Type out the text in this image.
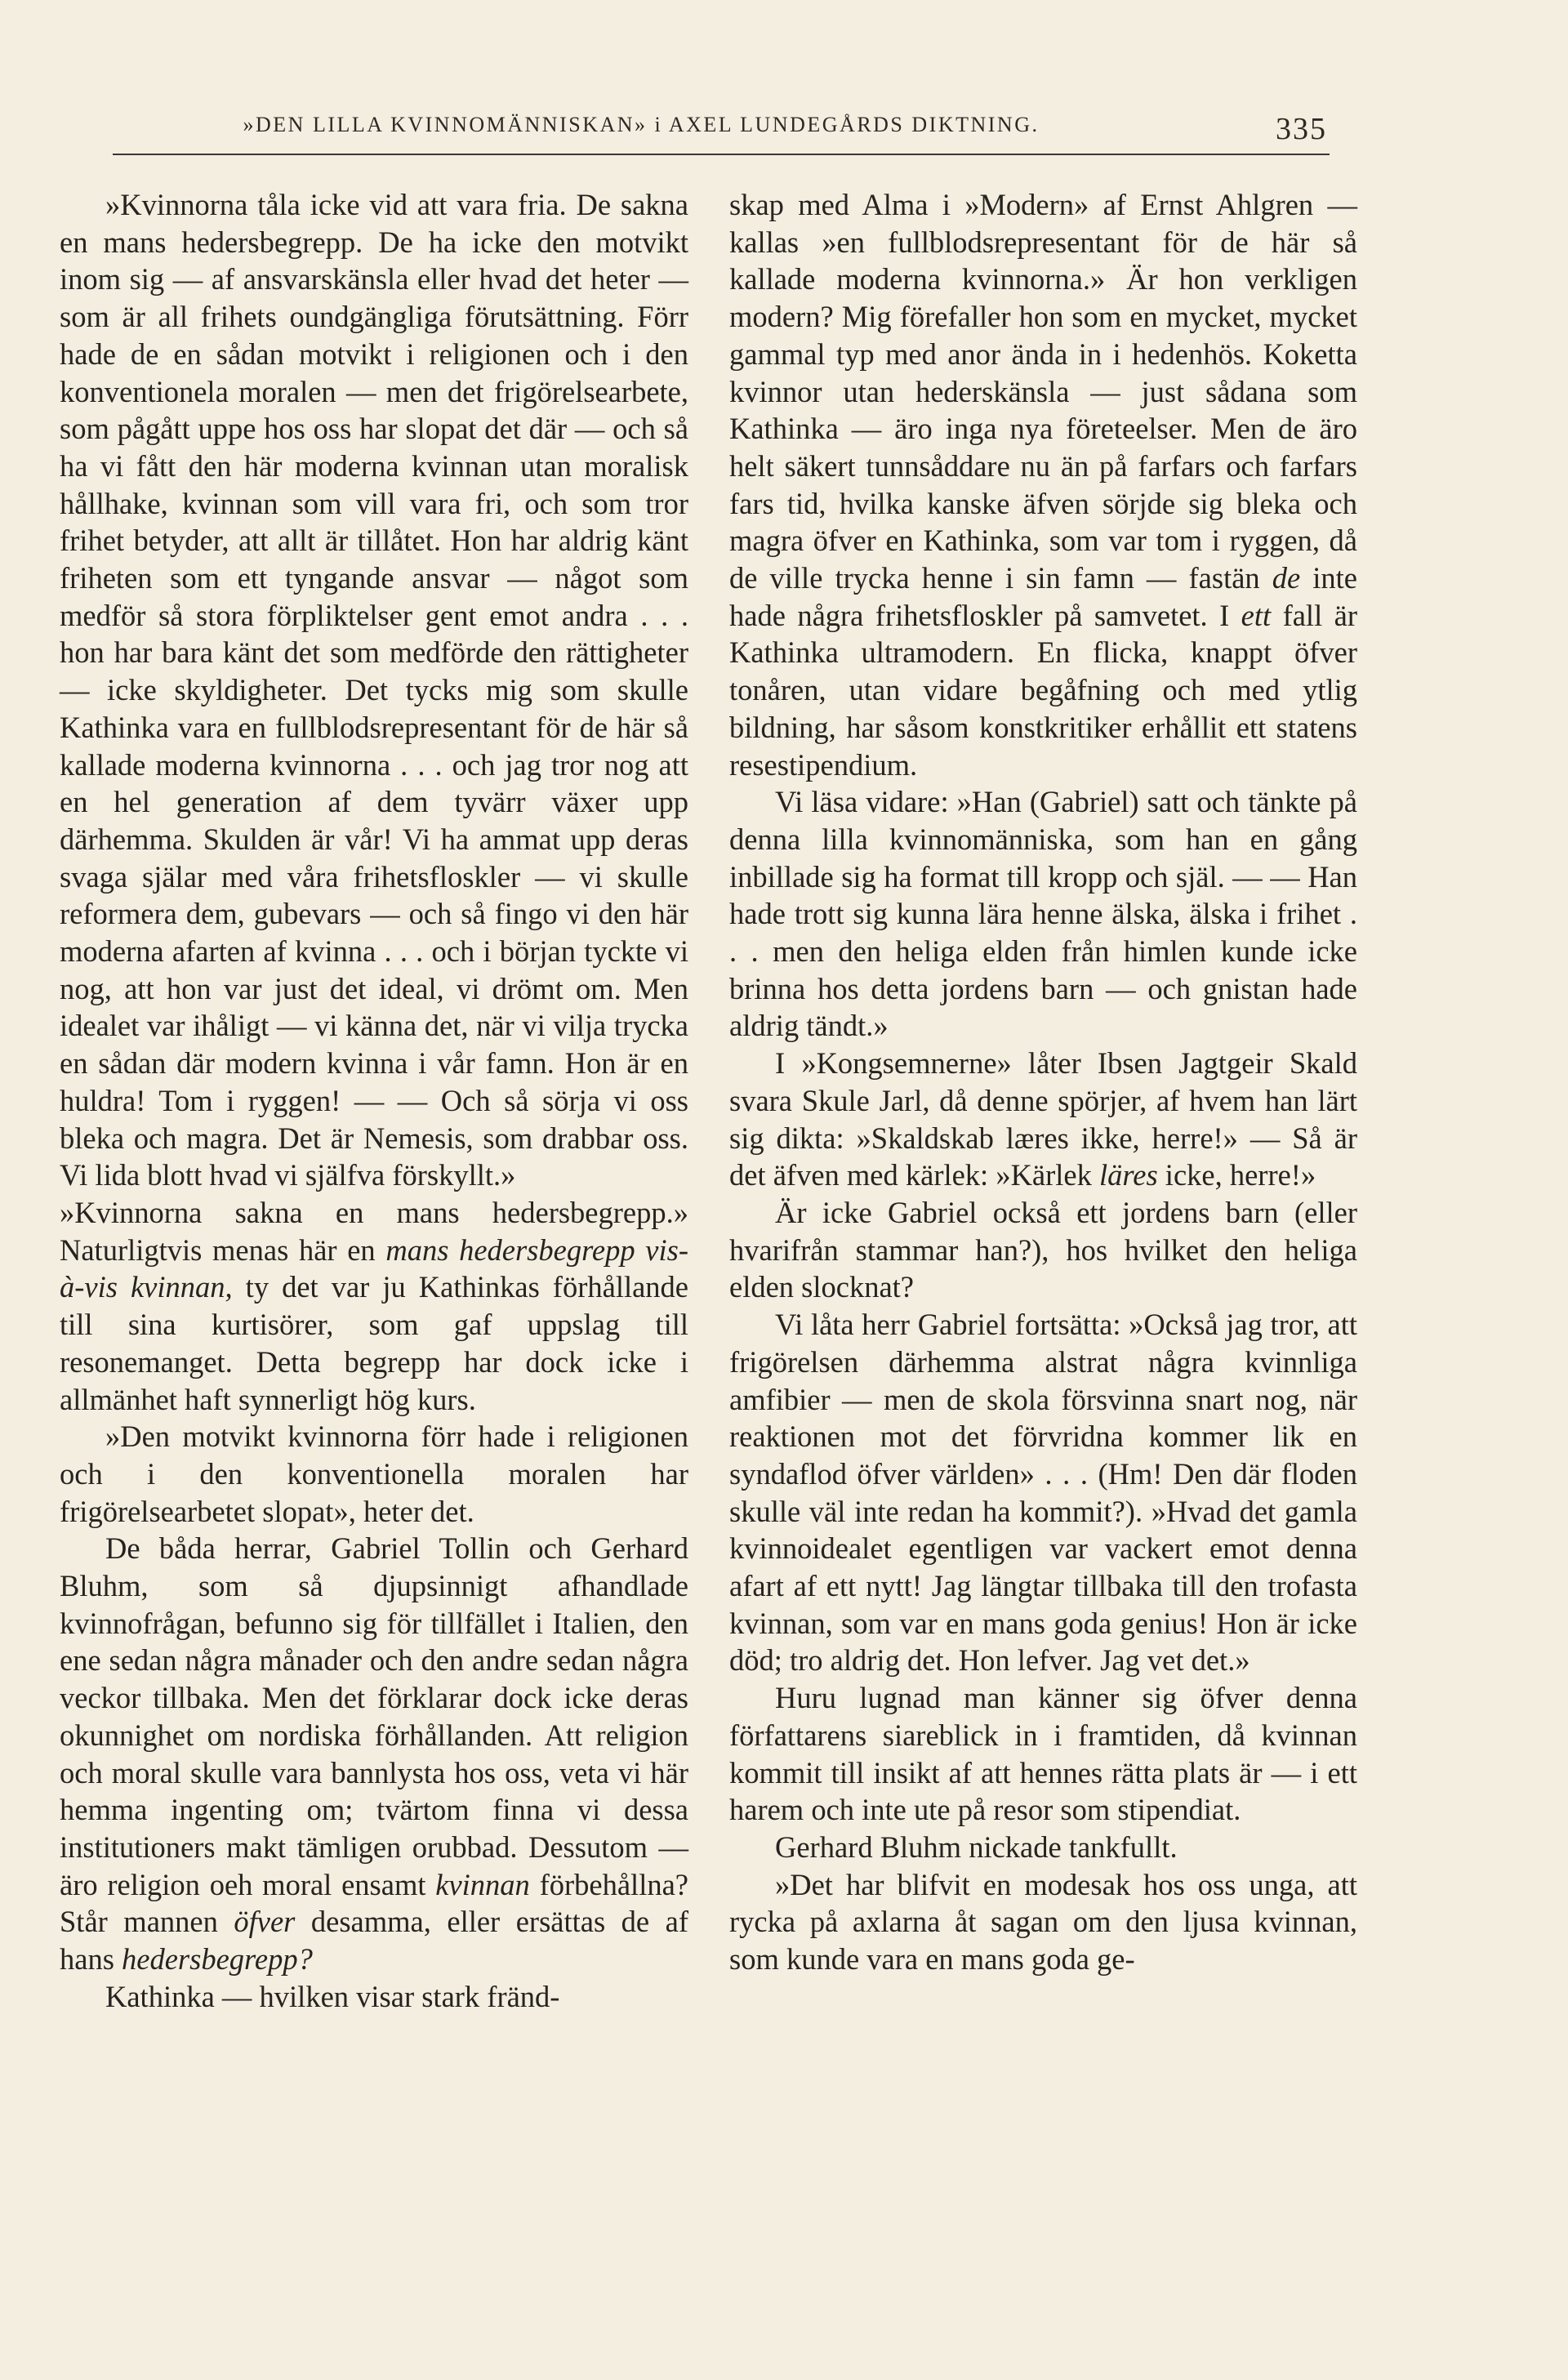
»DEN LILLA KVINNOMÄNNISKAN» i AXEL LUNDEGÅRDS DIKTNING.	335

»Kvinnorna tåla icke vid att vara fria. De sakna en mans hedersbegrepp. De ha icke den motvikt inom sig — af ansvarskänsla eller hvad det heter — som är all frihets oundgängliga förutsättning. Förr hade de en sådan motvikt i religionen och i den konventionela moralen — men det frigörelsearbete, som pågått uppe hos oss har slopat det där — och så ha vi fått den här moderna kvinnan utan moralisk hållhake, kvinnan som vill vara fri, och som tror frihet betyder, att allt är tillåtet. Hon har aldrig känt friheten som ett tyngande ansvar — något som medför så stora förpliktelser gent emot andra . . . hon har bara känt det som medförde den rättigheter — icke skyldigheter. Det tycks mig som skulle Kathinka vara en fullblodsrepresentant för de här så kallade moderna kvinnorna . . . och jag tror nog att en hel generation af dem tyvärr växer upp därhemma. Skulden är vår! Vi ha ammat upp deras svaga själar med våra frihetsfloskler — vi skulle reformera dem, gubevars — och så fingo vi den här moderna afarten af kvinna . . . och i början tyckte vi nog, att hon var just det ideal, vi drömt om. Men idealet var ihåligt — vi känna det, när vi vilja trycka en sådan där modern kvinna i vår famn. Hon är en huldra! Tom i ryggen! — — Och så sörja vi oss bleka och magra. Det är Nemesis, som drabbar oss. Vi lida blott hvad vi själfva förskyllt.»

»Kvinnorna sakna en mans hedersbegrepp.» Naturligtvis menas här en mans hedersbegrepp vis-à-vis kvinnan, ty det var ju Kathinkas förhållande till sina kurtisörer, som gaf uppslag till resonemanget. Detta begrepp har dock icke i allmänhet haft synnerligt hög kurs.

»Den motvikt kvinnorna förr hade i religionen och i den konventionella moralen har frigörelsearbetet slopat», heter det.

De båda herrar, Gabriel Tollin och Gerhard Bluhm, som så djupsinnigt afhandlade kvinnofrågan, befunno sig för tillfället i Italien, den ene sedan några månader och den andre sedan några veckor tillbaka. Men det förklarar dock icke deras okunnighet om nordiska förhållanden. Att religion och moral skulle vara bannlysta hos oss, veta vi här hemma ingenting om; tvärtom finna vi dessa institutioners makt tämligen orubbad. Dessutom — äro religion oeh moral ensamt kvinnan förbehållna? Står mannen öfver desamma, eller ersättas de af hans hedersbegrepp?

Kathinka — hvilken visar stark fränd-

skap med Alma i »Modern» af Ernst Ahlgren — kallas »en fullblodsrepresentant för de här så kallade moderna kvinnorna.» Är hon verkligen modern? Mig förefaller hon som en mycket, mycket gammal typ med anor ända in i hedenhös. Koketta kvinnor utan hederskänsla — just sådana som Kathinka — äro inga nya företeelser. Men de äro helt säkert tunnsåddare nu än på farfars och farfars fars tid, hvilka kanske äfven sörjde sig bleka och magra öfver en Kathinka, som var tom i ryggen, då de ville trycka henne i sin famn — fastän de inte hade några frihetsfloskler på samvetet. I ett fall är Kathinka ultramodern. En flicka, knappt öfver tonåren, utan vidare begåfning och med ytlig bildning, har såsom konstkritiker erhållit ett statens resestipendium.

Vi läsa vidare: »Han (Gabriel) satt och tänkte på denna lilla kvinnomänniska, som han en gång inbillade sig ha format till kropp och själ. — — Han hade trott sig kunna lära henne älska, älska i frihet . . . men den heliga elden från himlen kunde icke brinna hos detta jordens barn — och gnistan hade aldrig tändt.»

I »Kongsemnerne» låter Ibsen Jagtgeir Skald svara Skule Jarl, då denne spörjer, af hvem han lärt sig dikta: »Skaldskab læres ikke, herre!» — Så är det äfven med kärlek: »Kärlek läres icke, herre!»

Är icke Gabriel också ett jordens barn (eller hvarifrån stammar han?), hos hvilket den heliga elden slocknat?

Vi låta herr Gabriel fortsätta: »Också jag tror, att frigörelsen därhemma alstrat några kvinnliga amfibier — men de skola försvinna snart nog, när reaktionen mot det förvridna kommer lik en syndaflod öfver världen» . . . (Hm! Den där floden skulle väl inte redan ha kommit?). »Hvad det gamla kvinnoidealet egentligen var vackert emot denna afart af ett nytt! Jag längtar tillbaka till den trofasta kvinnan, som var en mans goda genius! Hon är icke död; tro aldrig det. Hon lefver. Jag vet det.»

Huru lugnad man känner sig öfver denna författarens siareblick in i framtiden, då kvinnan kommit till insikt af att hennes rätta plats är — i ett harem och inte ute på resor som stipendiat.

Gerhard Bluhm nickade tankfullt.

»Det har blifvit en modesak hos oss unga, att rycka på axlarna åt sagan om den ljusa kvinnan, som kunde vara en mans goda ge-
